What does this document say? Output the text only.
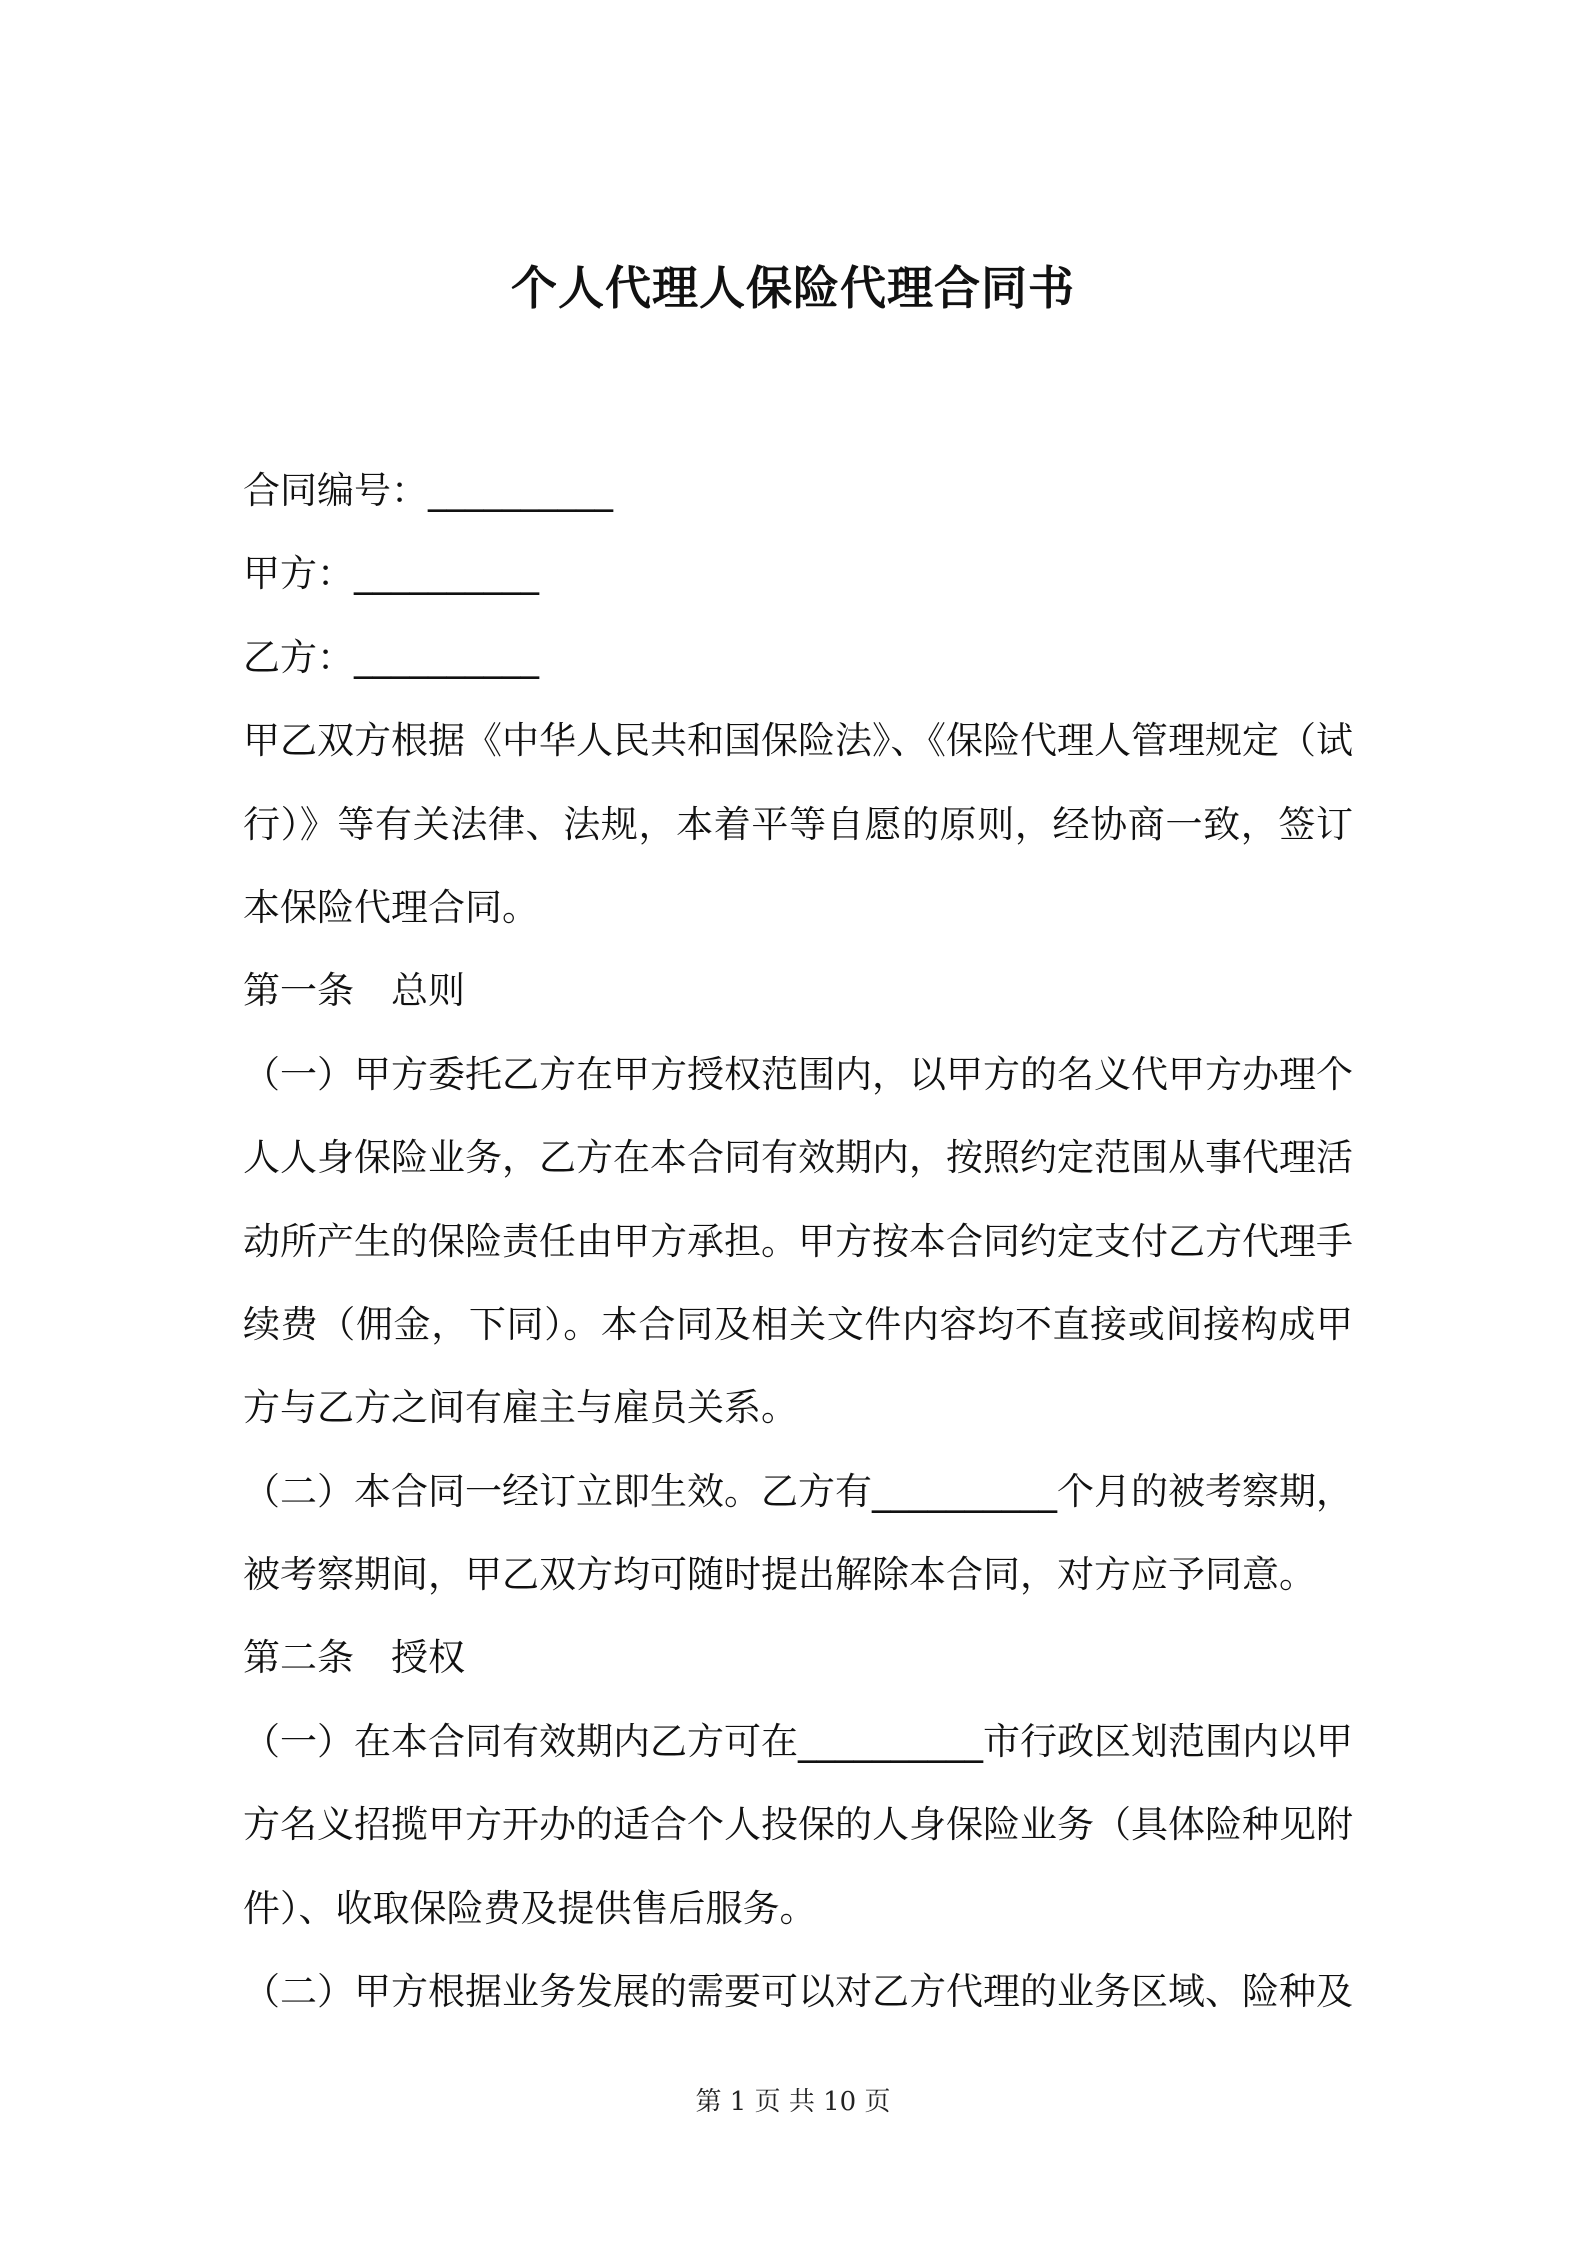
个人代理人保险代理合同书
合同编号：__________
甲方：__________
乙方：__________
甲乙双方根据《中华人民共和国保险法》、《保险代理人管理规定（试
行）》等有关法律、法规，本着平等自愿的原则，经协商一致，签订
本保险代理合同。
第一条　总则
（一）甲方委托乙方在甲方授权范围内，以甲方的名义代甲方办理个
人人身保险业务，乙方在本合同有效期内，按照约定范围从事代理活
动所产生的保险责任由甲方承担。甲方按本合同约定支付乙方代理手
续费（佣金，下同）。本合同及相关文件内容均不直接或间接构成甲
方与乙方之间有雇主与雇员关系。
（二）本合同一经订立即生效。乙方有__________个月的被考察期，
被考察期间，甲乙双方均可随时提出解除本合同，对方应予同意。
第二条　授权
（一）在本合同有效期内乙方可在__________市行政区划范围内以甲
方名义招揽甲方开办的适合个人投保的人身保险业务（具体险种见附
件）、收取保险费及提供售后服务。
（二）甲方根据业务发展的需要可以对乙方代理的业务区域、险种及
第 1 页 共 10 页
